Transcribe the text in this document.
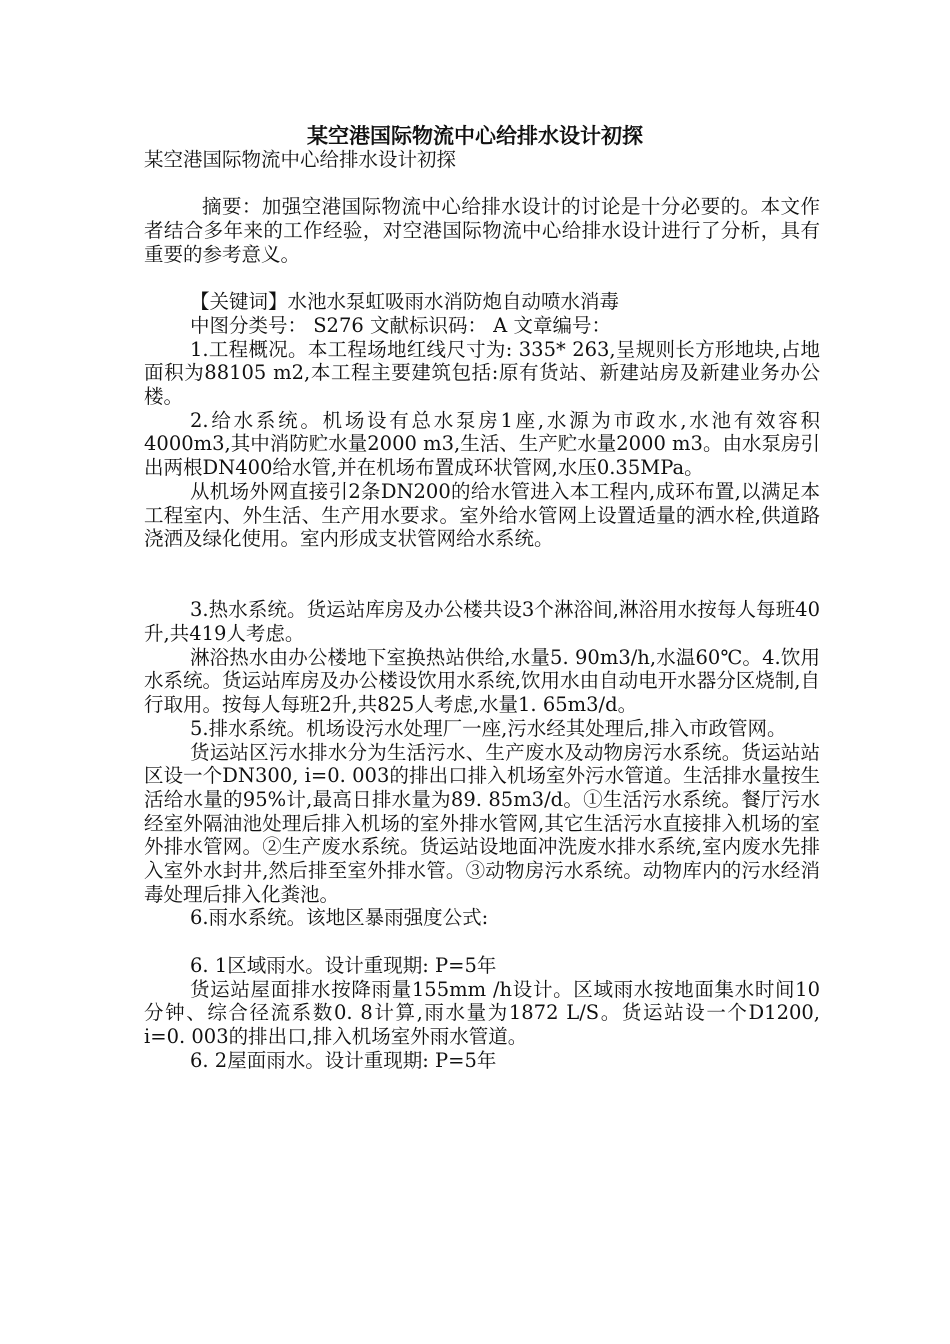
某空港国际物流中心给排水设计初探

某空港国际物流中心给排水设计初探

摘要：加强空港国际物流中心给排水设计的讨论是十分必要的。本文作者结合多年来的工作经验，对空港国际物流中心给排水设计进行了分析，具有重要的参考意义。

【关键词】水池水泵虹吸雨水消防炮自动喷水消毒

中图分类号： S276 文献标识码： A 文章编号：

1.工程概况。本工程场地红线尺寸为: 335* 263,呈规则长方形地块,占地面积为88105 m2,本工程主要建筑包括:原有货站、新建站房及新建业务办公楼。

2.给水系统。机场设有总水泵房1座,水源为市政水,水池有效容积4000m3,其中消防贮水量2000 m3,生活、生产贮水量2000 m3。由水泵房引出两根DN400给水管,并在机场布置成环状管网,水压0.35MPa。

从机场外网直接引2条DN200的给水管进入本工程内,成环布置,以满足本工程室内、外生活、生产用水要求。室外给水管网上设置适量的洒水栓,供道路浇洒及绿化使用。室内形成支状管网给水系统。

3.热水系统。货运站库房及办公楼共设3个淋浴间,淋浴用水按每人每班40升,共419人考虑。

淋浴热水由办公楼地下室换热站供给,水量5. 90m3/h,水温60℃。4.饮用水系统。货运站库房及办公楼设饮用水系统,饮用水由自动电开水器分区烧制,自行取用。按每人每班2升,共825人考虑,水量1. 65m3/d。

5.排水系统。机场设污水处理厂一座,污水经其处理后,排入市政管网。

货运站区污水排水分为生活污水、生产废水及动物房污水系统。货运站站区设一个DN300, i=0. 003的排出口排入机场室外污水管道。生活排水量按生活给水量的95%计,最高日排水量为89. 85m3/d。①生活污水系统。餐厅污水经室外隔油池处理后排入机场的室外排水管网,其它生活污水直接排入机场的室外排水管网。②生产废水系统。货运站设地面冲洗废水排水系统,室内废水先排入室外水封井,然后排至室外排水管。③动物房污水系统。动物库内的污水经消毒处理后排入化粪池。

6.雨水系统。该地区暴雨强度公式:

6. 1区域雨水。设计重现期: P=5年

货运站屋面排水按降雨量155mm /h设计。区域雨水按地面集水时间10分钟、综合径流系数0. 8计算,雨水量为1872 L/S。货运站设一个D1200, i=0. 003的排出口,排入机场室外雨水管道。

6. 2屋面雨水。设计重现期: P=5年
